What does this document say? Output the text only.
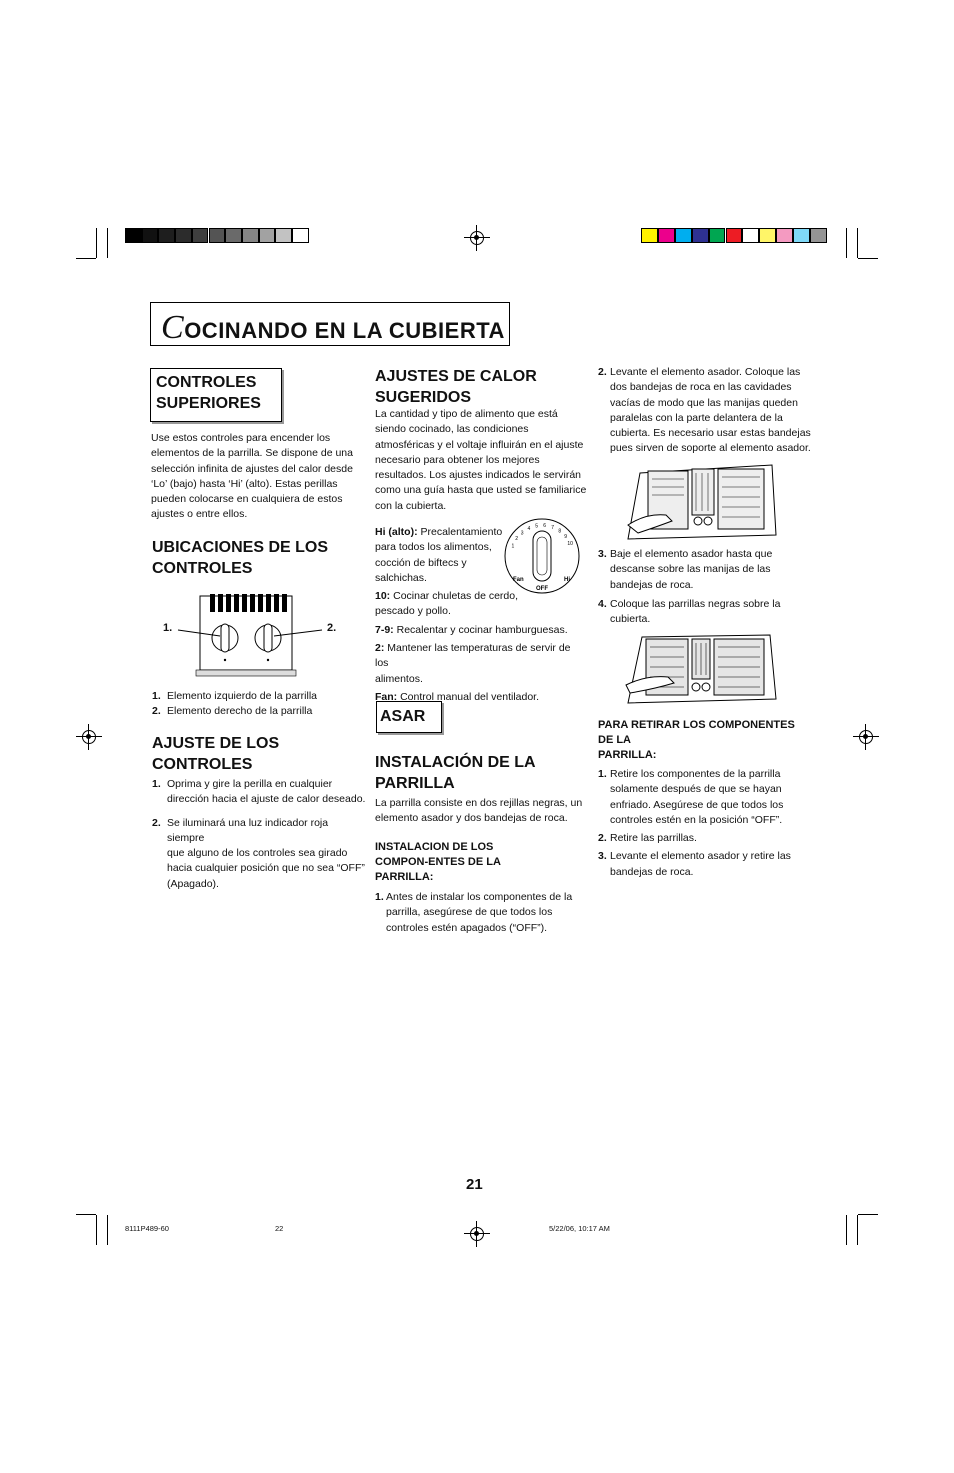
COCINANDO EN LA CUBIERTA
CONTROLES
SUPERIORES
Use estos controles para encender los
elementos de la parrilla. Se dispone de una
selección infinita de ajustes del calor desde
‘Lo’ (bajo) hasta ‘Hi’ (alto). Estas perillas
pueden colocarse en cualquiera de estos
ajustes o entre ellos.
UBICACIONES DE LOS
CONTROLES
1.	2.
1. Elemento izquierdo de la parrilla
2. Elemento derecho de la parrilla
AJUSTE DE LOS
CONTROLES
1. Oprima y gire la perilla en cualquier
dirección hacia el ajuste de calor deseado.
2. Se iluminará una luz indicador roja siempre
que alguno de los controles sea girado
hacia cualquier posición que no sea “OFF”
(Apagado).
AJUSTES DE CALOR
SUGERIDOS
La cantidad y tipo de alimento que está
siendo cocinado, las condiciones
atmosféricas y el voltaje influirán en el ajuste
necesario para obtener los mejores
resultados. Los ajustes indicados le servirán
como una guía hasta que usted se familiarice
con la cubierta.
Hi (alto): Precalentamiento
para todos los alimentos,
cocción de biftecs y
salchichas.
10: Cocinar chuletas de cerdo,
pescado y pollo.
7-9: Recalentar y cocinar hamburguesas.
2: Mantener las temperaturas de servir de los
alimentos.
Fan: Control manual del ventilador.
1
2
3
4 5 6 7
8
9
10
OFF
Hi
Fan
ASAR
INSTALACIÓN DE LA
PARRILLA
La parrilla consiste en dos rejillas negras, un
elemento asador y dos bandejas de roca.
INSTALACION DE LOS
COMPON-ENTES DE LA
PARRILLA:
1. Antes de instalar los componentes de la
parrilla, asegúrese de que todos los
controles estén apagados (“OFF”).
2. Levante el elemento asador. Coloque las
dos bandejas de roca en las cavidades
vacías de modo que las manijas queden
paralelas con la parte delantera de la
cubierta. Es necesario usar estas bandejas
pues sirven de soporte al elemento asador.
3. Baje el elemento asador hasta que
descanse sobre las manijas de las
bandejas de roca.
4. Coloque las parrillas negras sobre la
cubierta.
PARA RETIRAR LOS COMPONENTES
DE LA
PARRILLA:
1. Retire los componentes de la parrilla
solamente después de que se hayan
enfriado. Asegúrese de que todos los
controles estén en la posición “OFF”.
2. Retire las parrillas.
3. Levante el elemento asador y retire las
bandejas de roca.
21
8111P489-60	22	5/22/06, 10:17 AM
